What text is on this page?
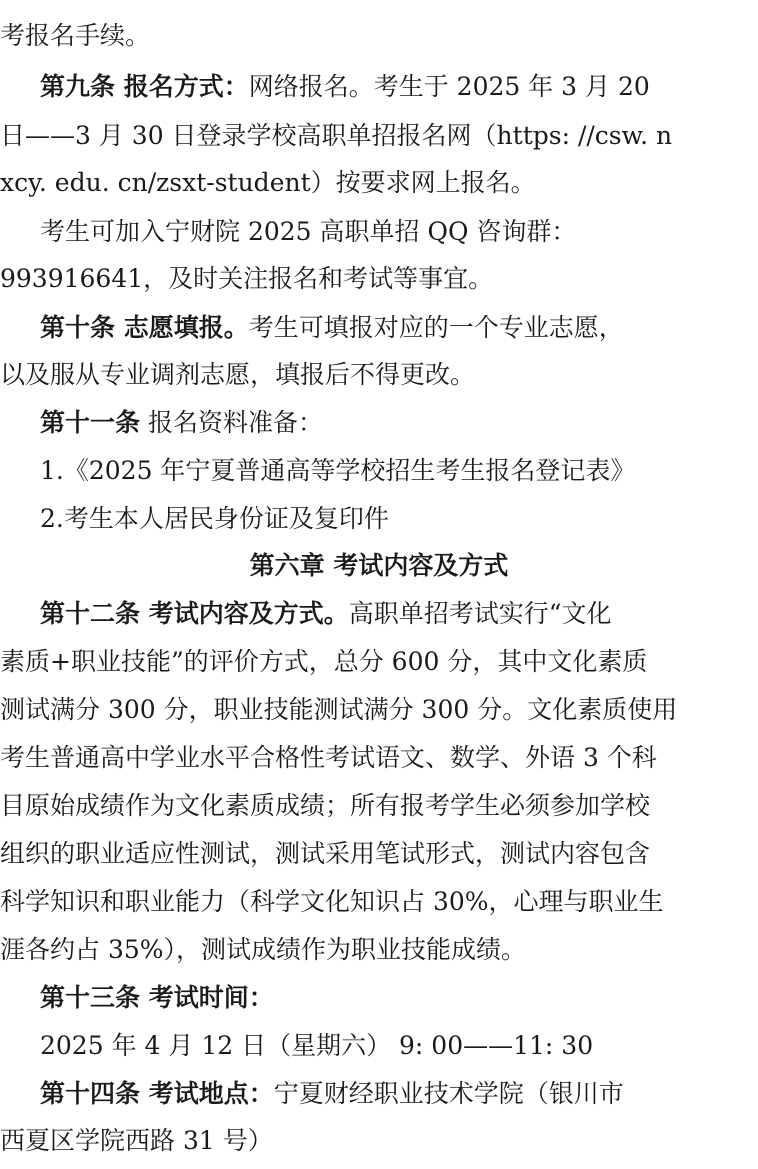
考报名手续。
第九条 报名方式：网络报名。考生于 2025 年 3 月 20
日——3 月 30 日登录学校高职单招报名网（https: //csw. n
xcy. edu. cn/zsxt-student）按要求网上报名。
考生可加入宁财院 2025 高职单招 QQ 咨询群：
993916641，及时关注报名和考试等事宜。
第十条 志愿填报。考生可填报对应的一个专业志愿，
以及服从专业调剂志愿，填报后不得更改。
第十一条 报名资料准备：
1.《2025 年宁夏普通高等学校招生考生报名登记表》
2.考生本人居民身份证及复印件
第六章 考试内容及方式
第十二条 考试内容及方式。高职单招考试实行“文化
素质+职业技能”的评价方式，总分 600 分，其中文化素质
测试满分 300 分，职业技能测试满分 300 分。文化素质使用
考生普通高中学业水平合格性考试语文、数学、外语 3 个科
目原始成绩作为文化素质成绩；所有报考学生必须参加学校
组织的职业适应性测试，测试采用笔试形式，测试内容包含
科学知识和职业能力（科学文化知识占 30%，心理与职业生
涯各约占 35%），测试成绩作为职业技能成绩。
第十三条 考试时间：
2025 年 4 月 12 日（星期六） 9: 00——11: 30
第十四条 考试地点：宁夏财经职业技术学院（银川市
西夏区学院西路 31 号）
